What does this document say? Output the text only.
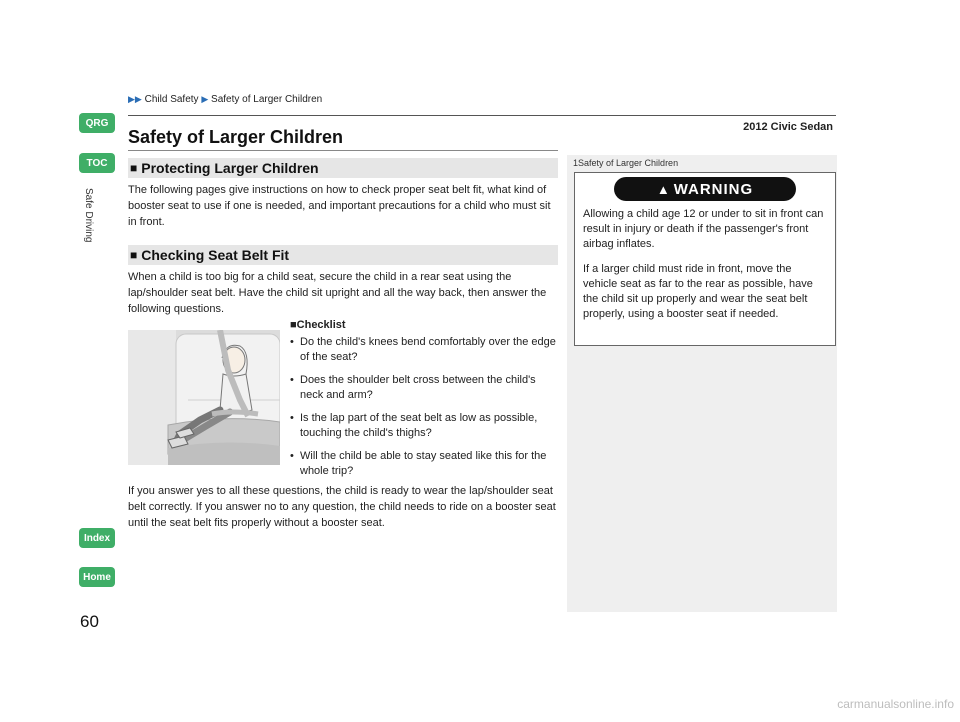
▶▶ Child Safety ▶ Safety of Larger Children
2012 Civic Sedan
Safety of Larger Children
QRG
TOC
Safe Driving
Index
Home
■ Protecting Larger Children
The following pages give instructions on how to check proper seat belt fit, what kind of booster seat to use if one is needed, and important precautions for a child who must sit in front.
■ Checking Seat Belt Fit
When a child is too big for a child seat, secure the child in a rear seat using the lap/shoulder seat belt. Have the child sit upright and all the way back, then answer the following questions.
■Checklist
• Do the child's knees bend comfortably over the edge of the seat?
• Does the shoulder belt cross between the child's neck and arm?
• Is the lap part of the seat belt as low as possible, touching the child's thighs?
• Will the child be able to stay seated like this for the whole trip?
If you answer yes to all these questions, the child is ready to wear the lap/shoulder seat belt correctly. If you answer no to any question, the child needs to ride on a booster seat until the seat belt fits properly without a booster seat.
1Safety of Larger Children
▲ WARNING

Allowing a child age 12 or under to sit in front can result in injury or death if the passenger's front airbag inflates.

If a larger child must ride in front, move the vehicle seat as far to the rear as possible, have the child sit up properly and wear the seat belt properly, using a booster seat if needed.

60
carmanualsonline.info
